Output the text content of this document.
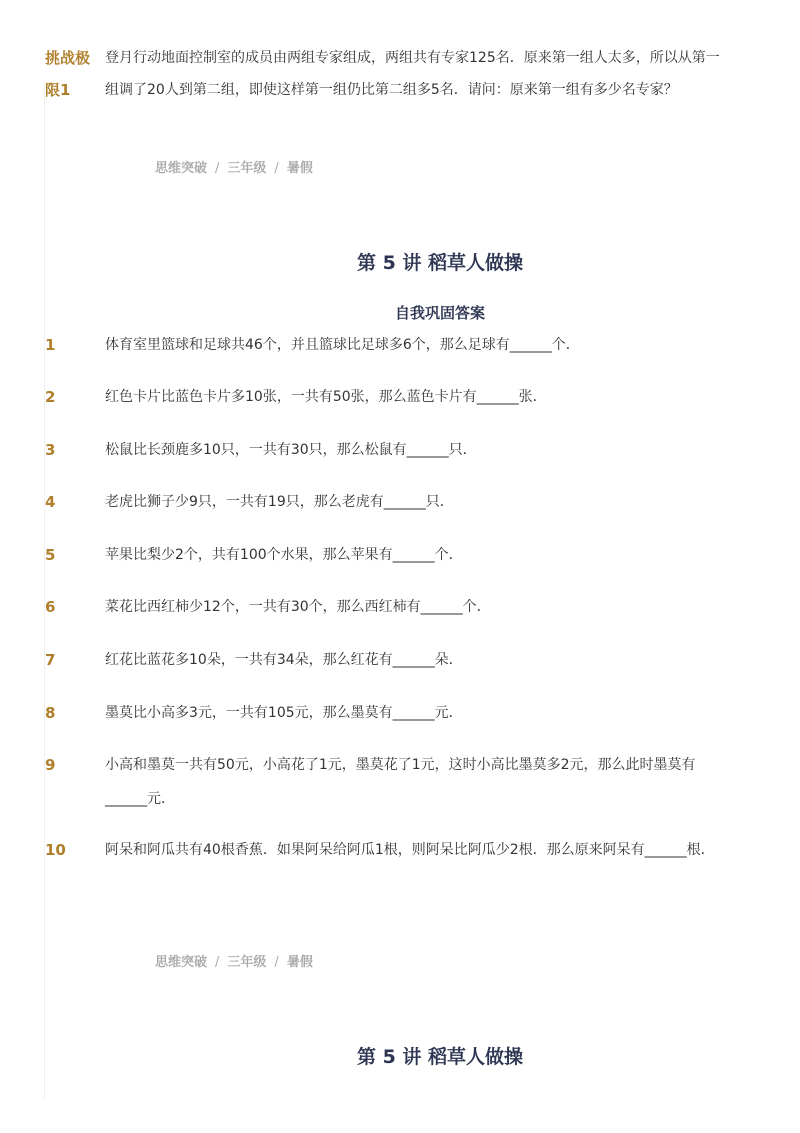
挑战极限1
登月行动地面控制室的成员由两组专家组成，两组共有专家125名．原来第一组人太多，所以从第一组调了20人到第二组，即使这样第一组仍比第二组多5名．请问：原来第一组有多少名专家？
思维突破 / 三年级 / 暑假
第 5 讲 稻草人做操
自我巩固答案
1	体育室里篮球和足球共46个，并且篮球比足球多6个，那么足球有______个．
2	红色卡片比蓝色卡片多10张，一共有50张，那么蓝色卡片有______张．
3	松鼠比长颈鹿多10只，一共有30只，那么松鼠有______只．
4	老虎比狮子少9只，一共有19只，那么老虎有______只．
5	苹果比梨少2个，共有100个水果，那么苹果有______个．
6	菜花比西红柿少12个，一共有30个，那么西红柿有______个．
7	红花比蓝花多10朵，一共有34朵，那么红花有______朵．
8	墨莫比小高多3元，一共有105元，那么墨莫有______元．
9	小高和墨莫一共有50元，小高花了1元，墨莫花了1元，这时小高比墨莫多2元，那么此时墨莫有______元．
10	阿呆和阿瓜共有40根香蕉．如果阿呆给阿瓜1根，则阿呆比阿瓜少2根．那么原来阿呆有______根．
思维突破 / 三年级 / 暑假
第 5 讲 稻草人做操
